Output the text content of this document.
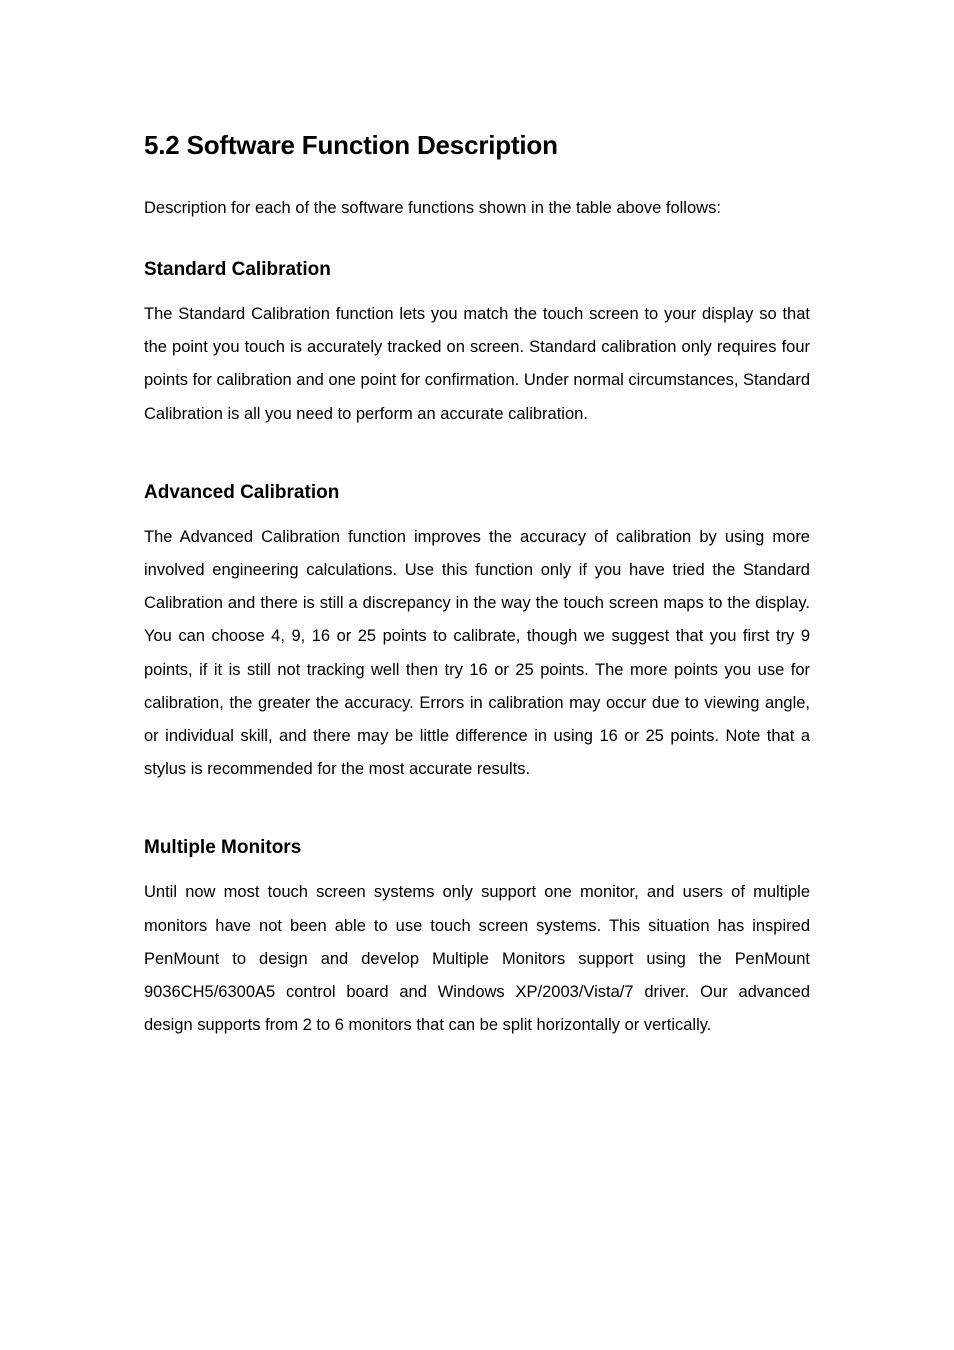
5.2 Software Function Description

Description for each of the software functions shown in the table above follows:

Standard Calibration

The Standard Calibration function lets you match the touch screen to your display so that the point you touch is accurately tracked on screen. Standard calibration only requires four points for calibration and one point for confirmation. Under normal circumstances, Standard Calibration is all you need to perform an accurate calibration.

Advanced Calibration

The Advanced Calibration function improves the accuracy of calibration by using more involved engineering calculations. Use this function only if you have tried the Standard Calibration and there is still a discrepancy in the way the touch screen maps to the display. You can choose 4, 9, 16 or 25 points to calibrate, though we suggest that you first try 9 points, if it is still not tracking well then try 16 or 25 points. The more points you use for calibration, the greater the accuracy. Errors in calibration may occur due to viewing angle, or individual skill, and there may be little difference in using 16 or 25 points. Note that a stylus is recommended for the most accurate results.

Multiple Monitors

Until now most touch screen systems only support one monitor, and users of multiple monitors have not been able to use touch screen systems. This situation has inspired PenMount to design and develop Multiple Monitors support using the PenMount 9036CH5/6300A5 control board and Windows XP/2003/Vista/7 driver. Our advanced design supports from 2 to 6 monitors that can be split horizontally or vertically.
